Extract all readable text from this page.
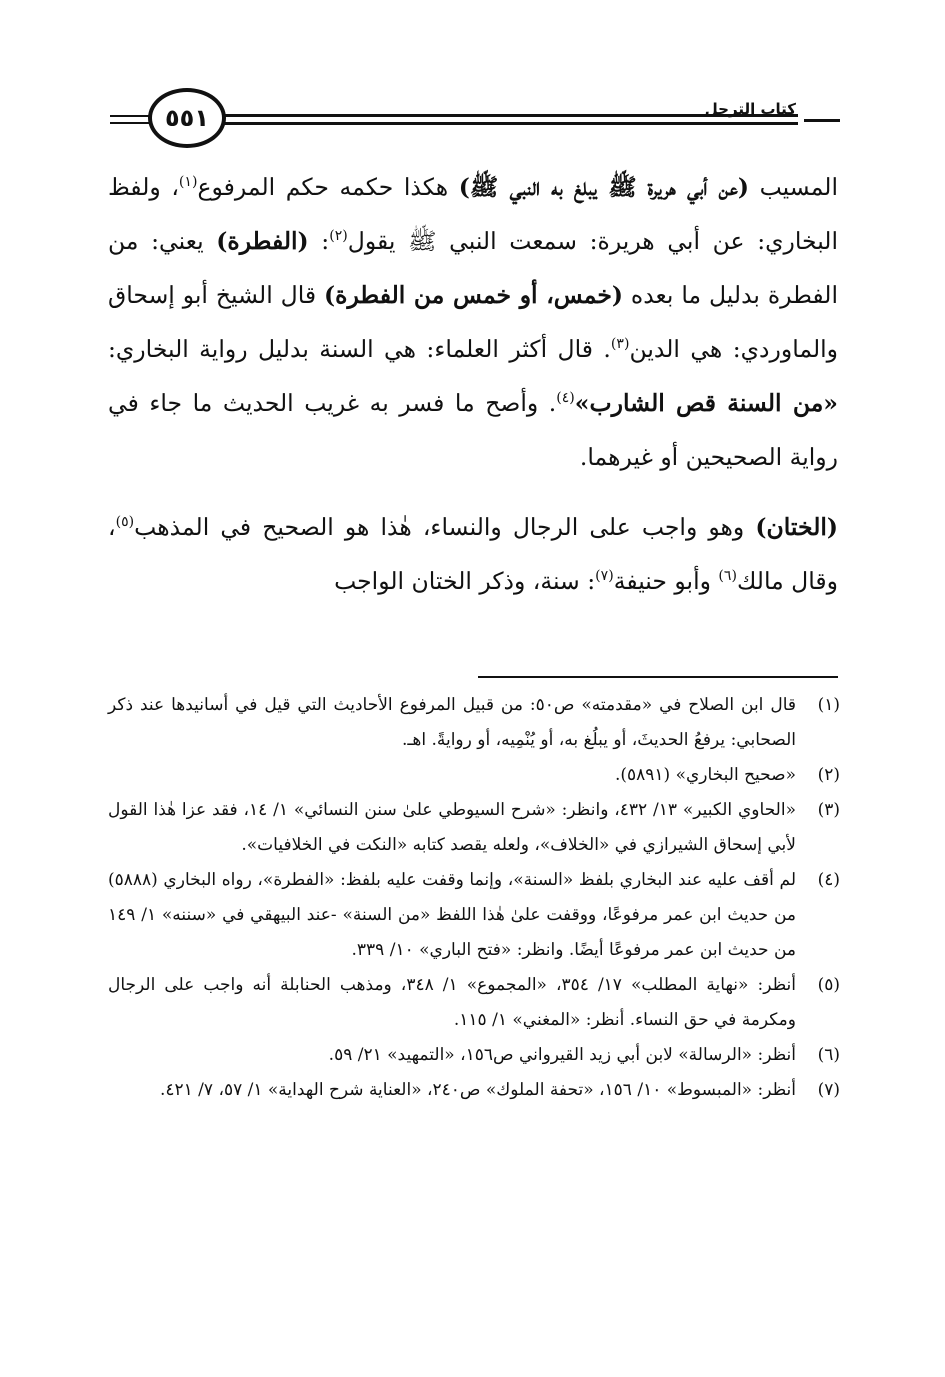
٥٥١	كتاب الترجل

المسيب (عن أبي هريرة ﷺ يبلغ به النبي ﷺ) هكذا حكمه حكم المرفوع$^{(١)}$، ولفظ البخاري: عن أبي هريرة: سمعت النبي ﷺ يقول$^{(٢)}$: (الفطرة) يعني: من الفطرة بدليل ما بعده (خمس، أو خمس من الفطرة) قال الشيخ أبو إسحاق والماوردي: هي الدين$^{(٣)}$. قال أكثر العلماء: هي السنة بدليل رواية البخاري: «من السنة قص الشارب»$^{(٤)}$. وأصح ما فسر به غريب الحديث ما جاء في رواية الصحيحين أو غيرهما.

(الختان) وهو واجب على الرجال والنساء، هٰذا هو الصحيح في المذهب$^{(٥)}$، وقال مالك$^{(٦)}$ وأبو حنيفة$^{(٧)}$: سنة، وذكر الختان الواجب

(١)
قال ابن الصلاح في «مقدمته» ص٥٠: من قبيل المرفوع الأحاديث التي قيل في أسانيدها عند ذكر الصحابي: يرفعُ الحديثَ، أو يبلُغ به، أو يُنْمِيه، أو روايةً. اهـ.
(٢)
«صحيح البخاري» (٥٨٩١).
(٣)
«الحاوي الكبير» ١٣/ ٤٣٢، وانظر: «شرح السيوطي علىٰ سنن النسائي» ١/ ١٤، فقد عزا هٰذا القول لأبي إسحاق الشيرازي في «الخلاف»، ولعله يقصد كتابه «النكت في الخلافيات».
(٤)
لم أقف عليه عند البخاري بلفظ «السنة»، وإنما وقفت عليه بلفظ: «الفطرة»، رواه البخاري (٥٨٨٨) من حديث ابن عمر مرفوعًا، ووقفت علىٰ هٰذا اللفظ «من السنة» -عند البيهقي في «سننه» ١/ ١٤٩ من حديث ابن عمر مرفوعًا أيضًا. وانظر: «فتح الباري» ١٠/ ٣٣٩.
(٥)
أنظر: «نهاية المطلب» ١٧/ ٣٥٤، «المجموع» ١/ ٣٤٨، ومذهب الحنابلة أنه واجب على الرجال ومكرمة في حق النساء. أنظر: «المغني» ١/ ١١٥.
(٦)
أنظر: «الرسالة» لابن أبي زيد القيرواني ص١٥٦، «التمهيد» ٢١/ ٥٩.
(٧)
أنظر: «المبسوط» ١٠/ ١٥٦، «تحفة الملوك» ص٢٤٠، «العناية شرح الهداية» ١/ ٥٧، ٧/ ٤٢١.
